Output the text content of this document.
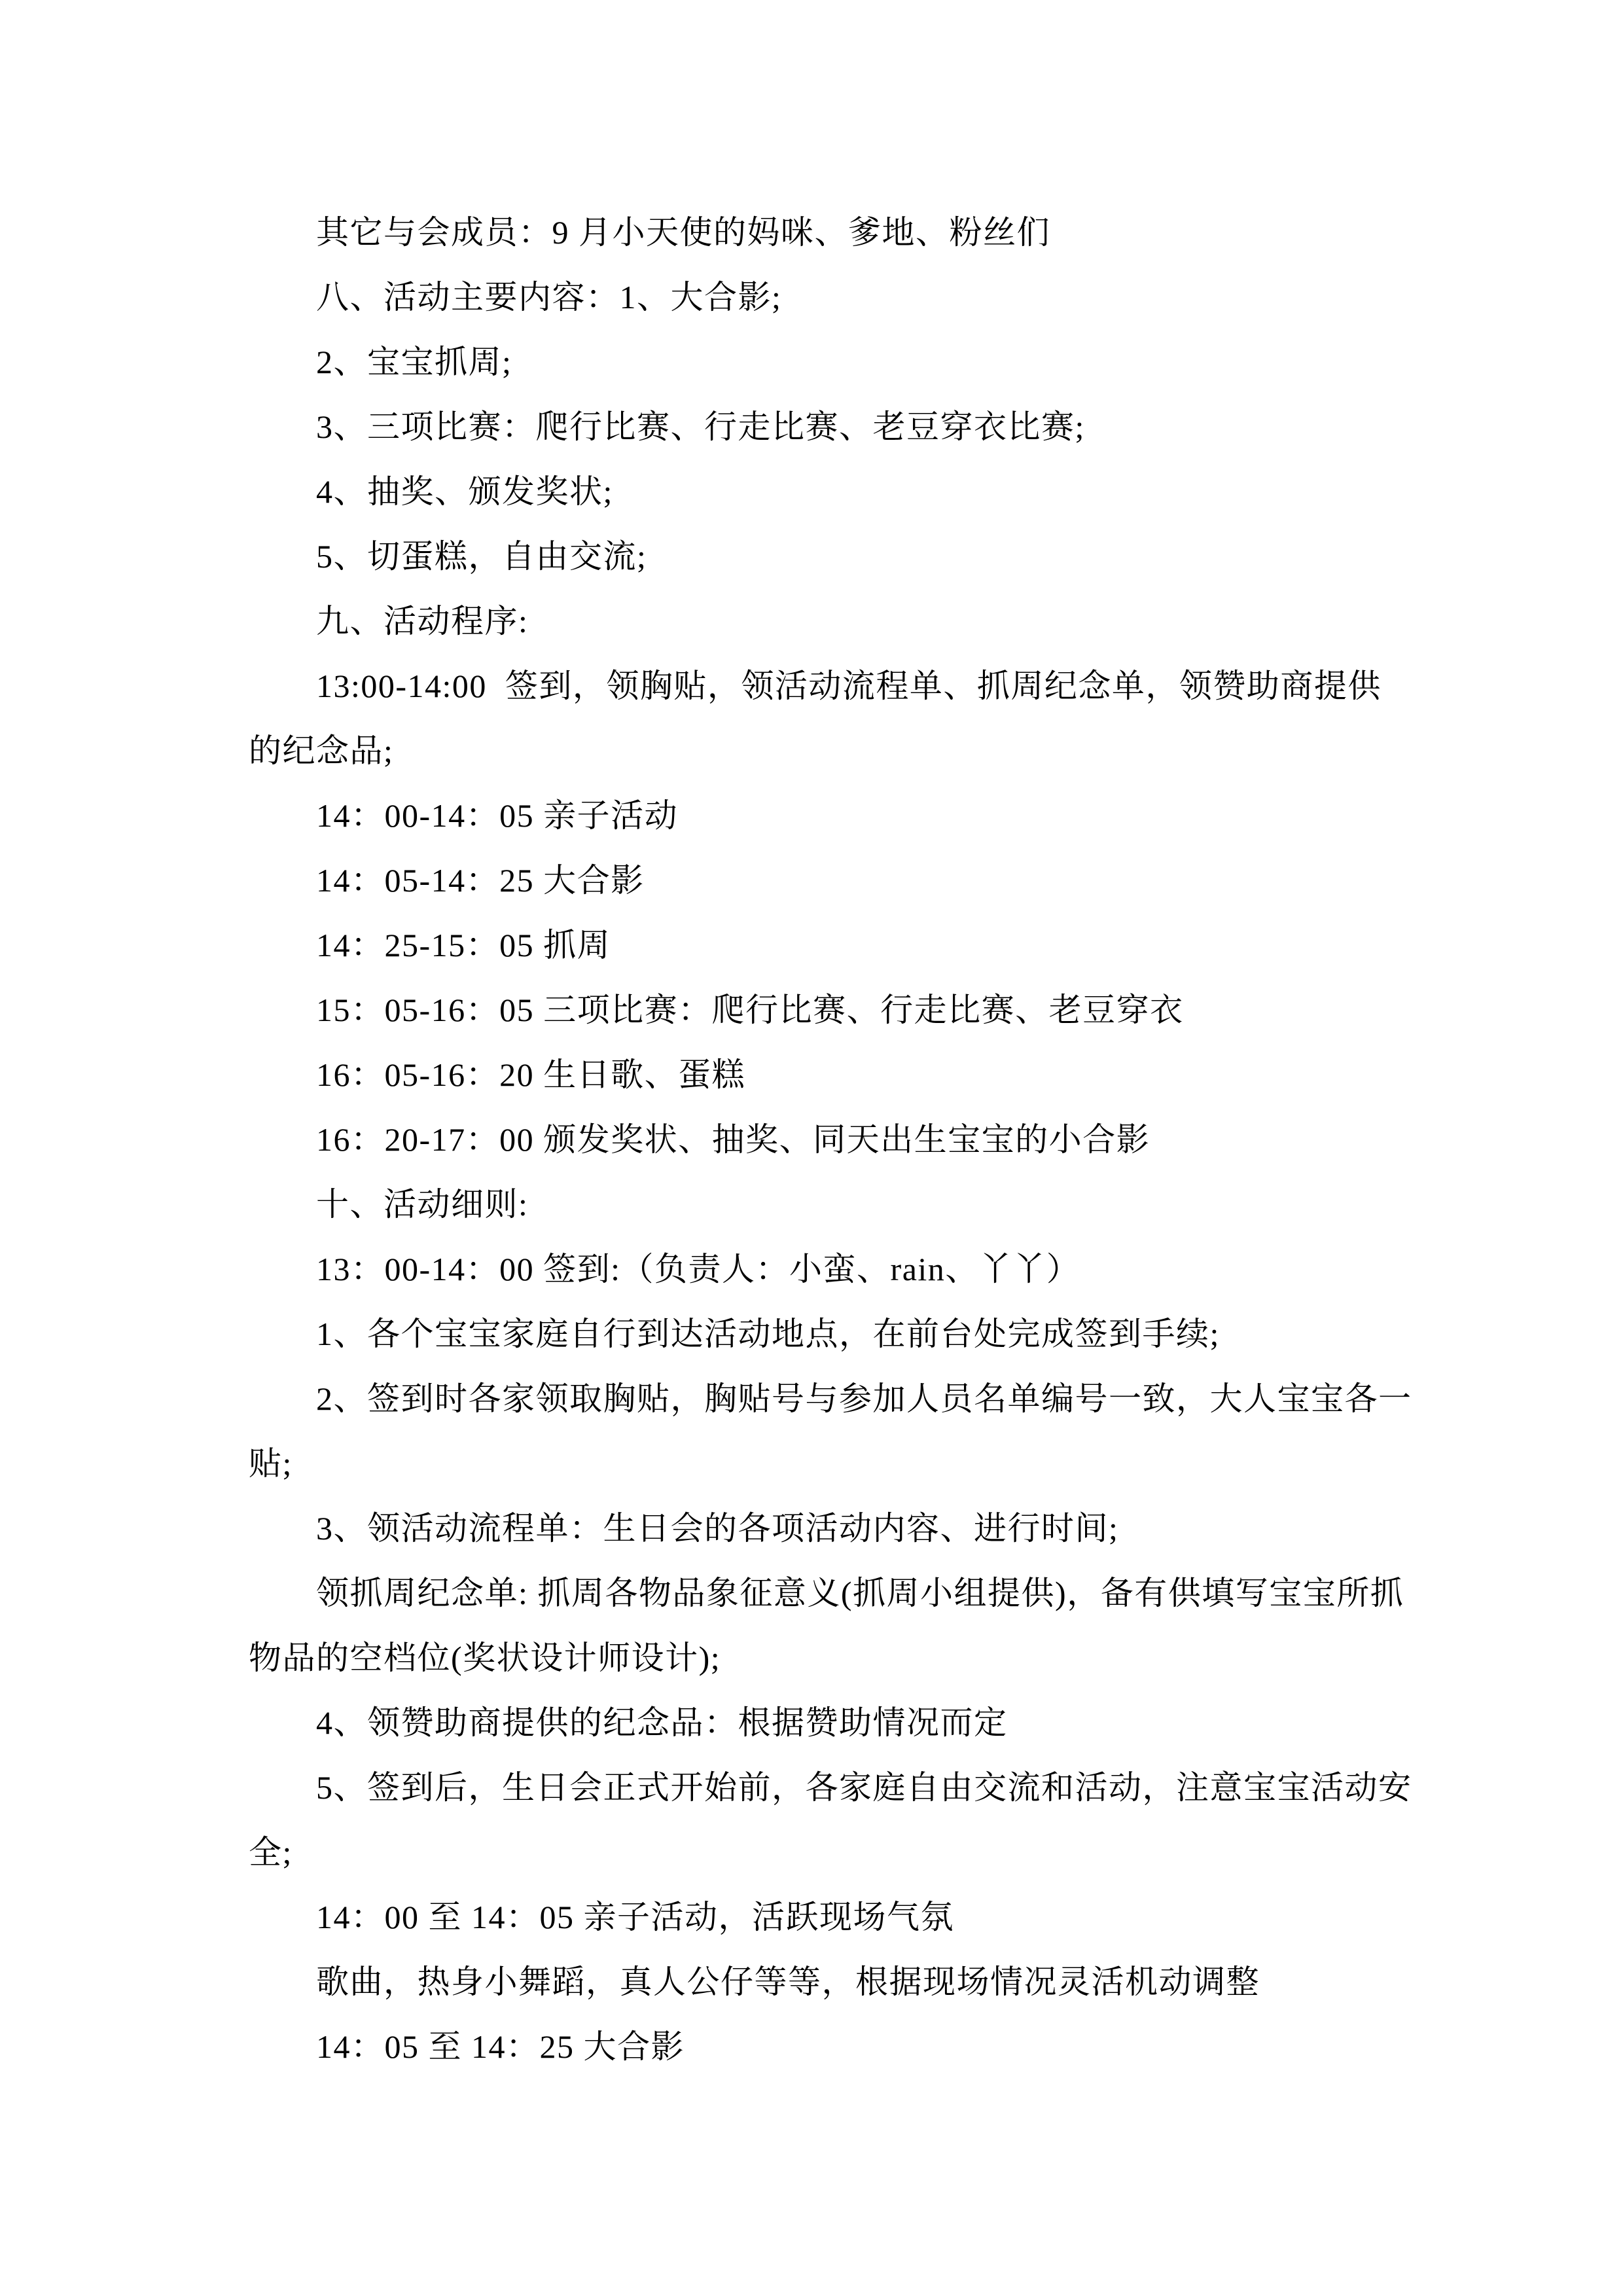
其它与会成员：9 月小天使的妈咪、爹地、粉丝们
八、活动主要内容：1、大合影;
2、宝宝抓周;
3、三项比赛：爬行比赛、行走比赛、老豆穿衣比赛;
4、抽奖、颁发奖状;
5、切蛋糕，自由交流;
九、活动程序:
13:00-14:00  签到，领胸贴，领活动流程单、抓周纪念单，领赞助商提供
的纪念品;
14：00-14：05 亲子活动
14：05-14：25 大合影
14：25-15：05 抓周
15：05-16：05 三项比赛：爬行比赛、行走比赛、老豆穿衣
16：05-16：20 生日歌、蛋糕
16：20-17：00 颁发奖状、抽奖、同天出生宝宝的小合影
十、活动细则:
13：00-14：00 签到:（负责人：小蛮、rain、丫丫）
1、各个宝宝家庭自行到达活动地点，在前台处完成签到手续;
2、签到时各家领取胸贴，胸贴号与参加人员名单编号一致，大人宝宝各一
贴;
3、领活动流程单：生日会的各项活动内容、进行时间;
领抓周纪念单: 抓周各物品象征意义(抓周小组提供)，备有供填写宝宝所抓
物品的空档位(奖状设计师设计);
4、领赞助商提供的纪念品：根据赞助情况而定
5、签到后，生日会正式开始前，各家庭自由交流和活动，注意宝宝活动安
全;
14：00 至 14：05 亲子活动，活跃现场气氛
歌曲，热身小舞蹈，真人公仔等等，根据现场情况灵活机动调整
14：05 至 14：25 大合影
